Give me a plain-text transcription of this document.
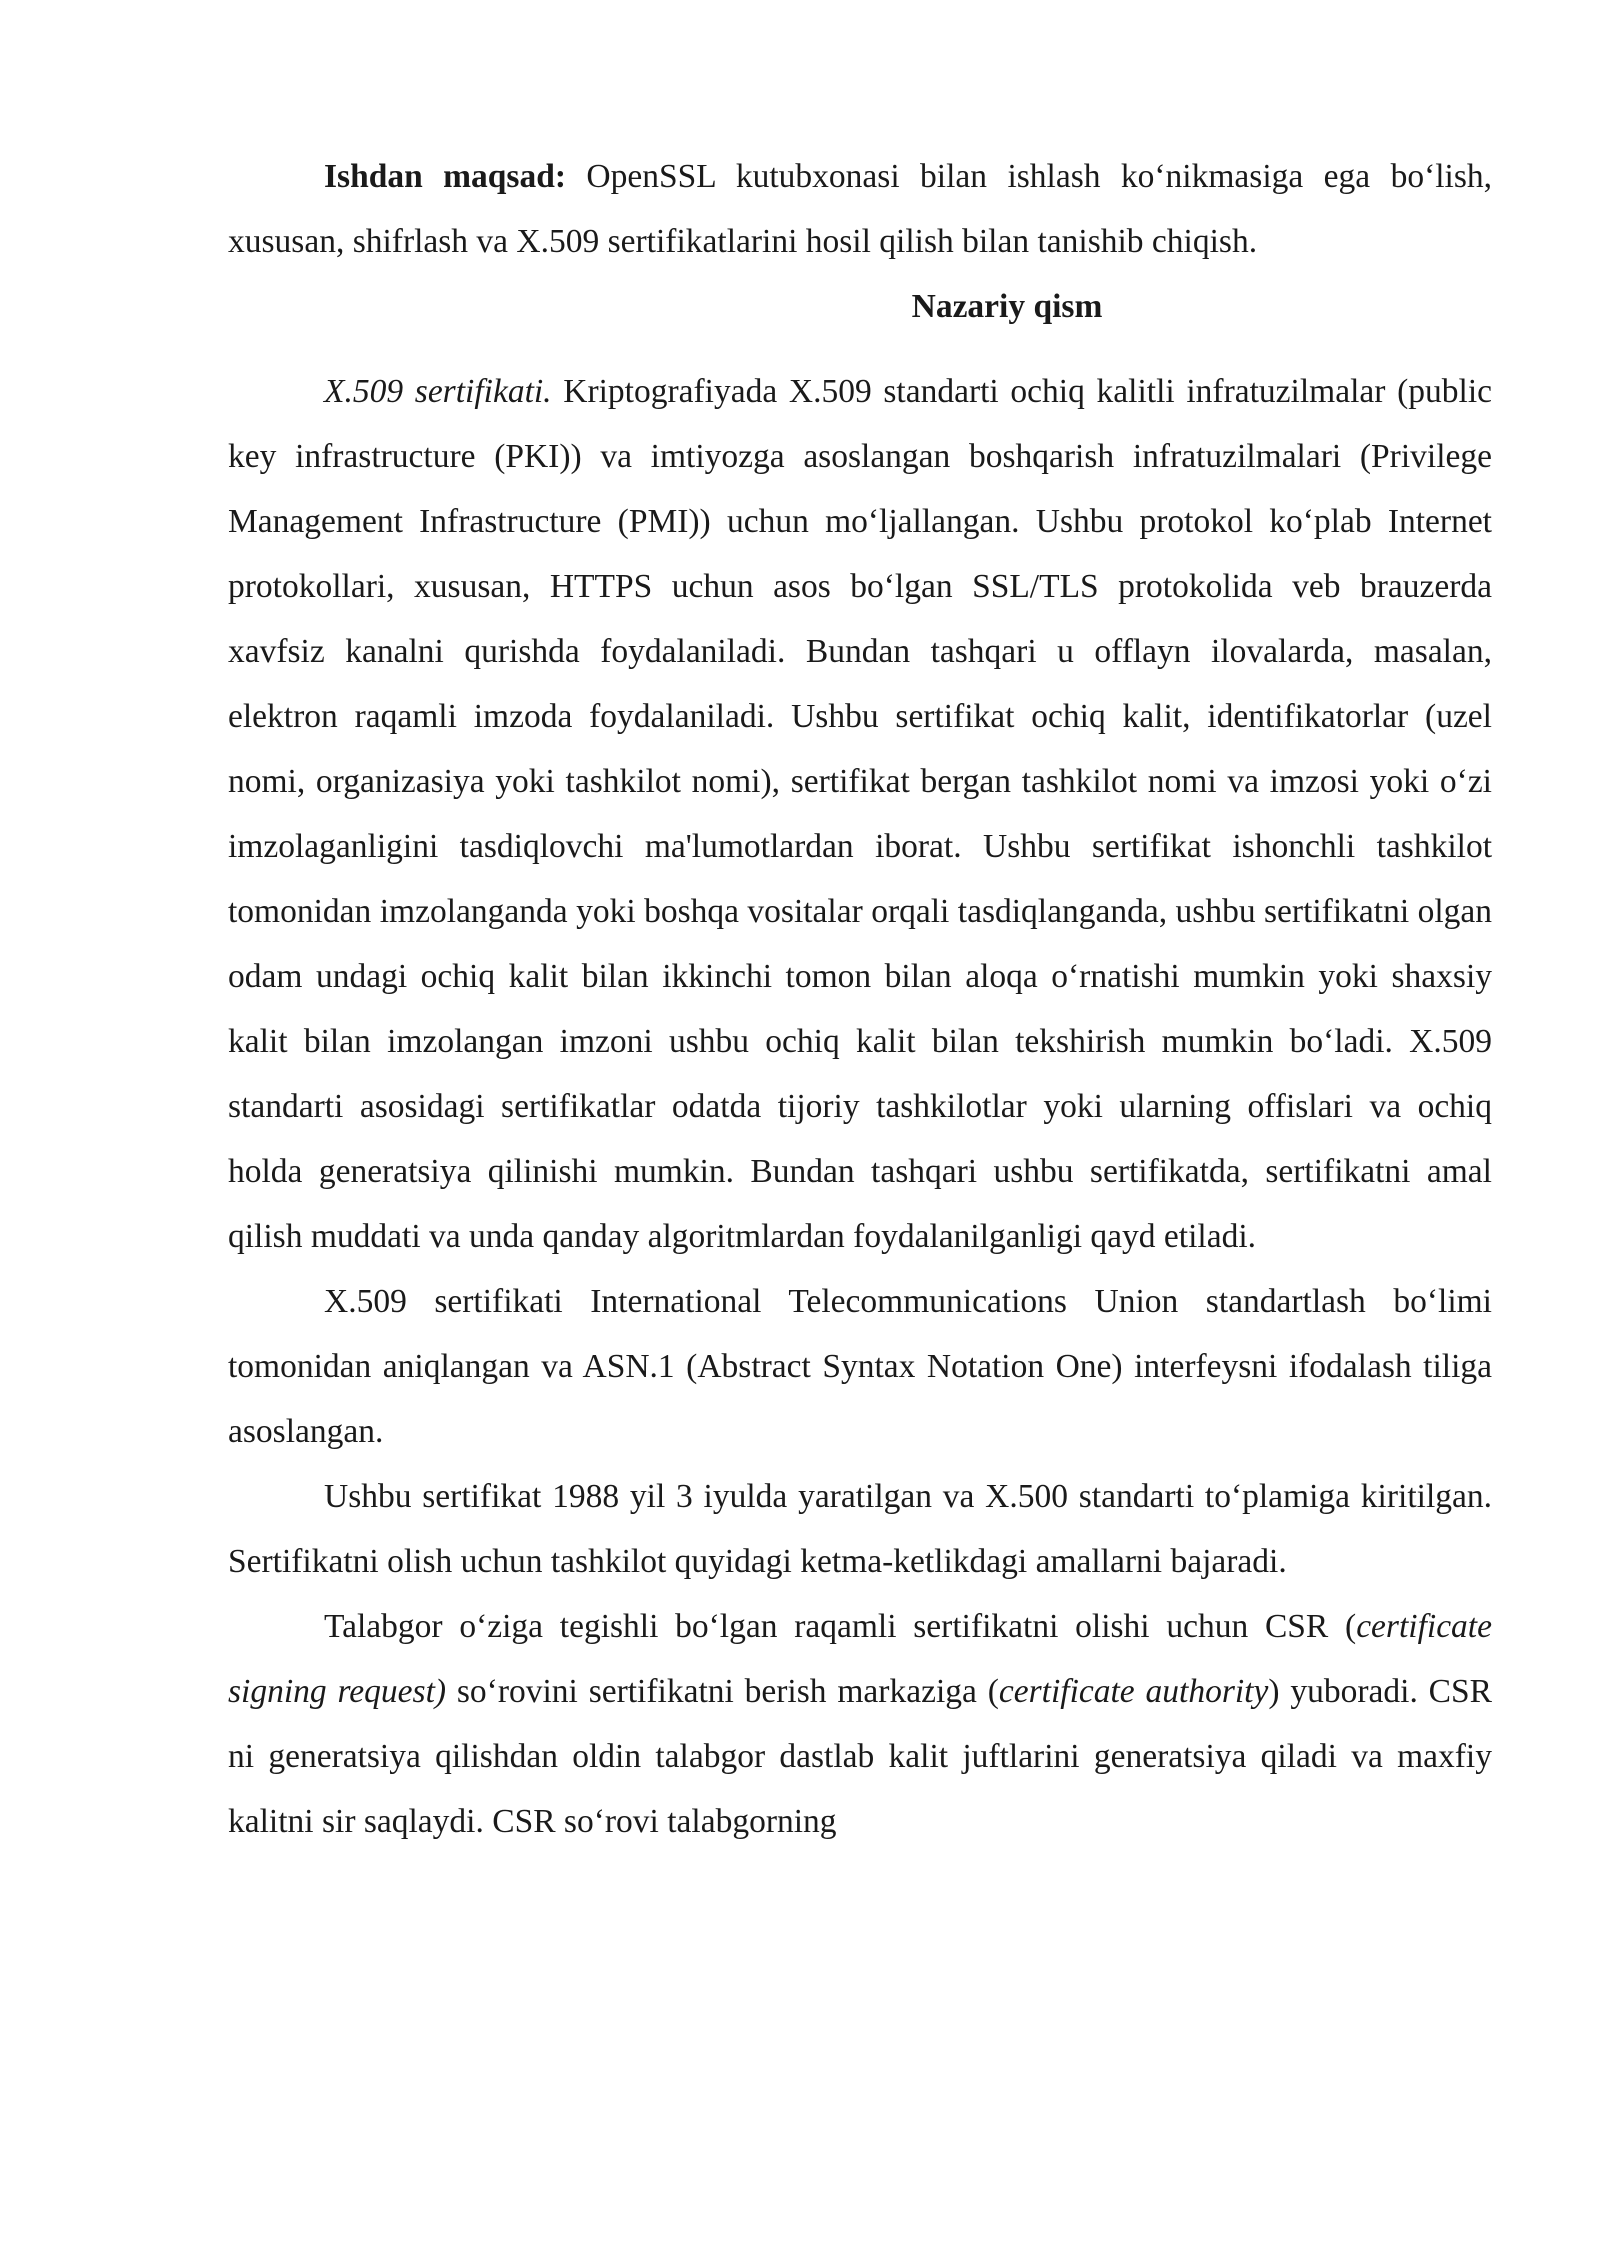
Ishdan maqsad: OpenSSL kutubxonasi bilan ishlash ko‘nikmasiga ega bo‘lish, xususan, shifrlash va X.509 sertifikatlarini hosil qilish bilan tanishib chiqish.

Nazariy qism

X.509 sertifikati. Kriptografiyada X.509 standarti ochiq kalitli infratuzilmalar (public key infrastructure (PKI)) va imtiyozga asoslangan boshqarish infratuzilmalari (Privilege Management Infrastructure (PMI)) uchun mo‘ljallangan. Ushbu protokol ko‘plab Internet protokollari, xususan, HTTPS uchun asos bo‘lgan SSL/TLS protokolida veb brauzerda xavfsiz kanalni qurishda foydalaniladi. Bundan tashqari u offlayn ilovalarda, masalan, elektron raqamli imzoda foydalaniladi. Ushbu sertifikat ochiq kalit, identifikatorlar (uzel nomi, organizasiya yoki tashkilot nomi), sertifikat bergan tashkilot nomi va imzosi yoki o‘zi imzolaganligini tasdiqlovchi ma'lumotlardan iborat. Ushbu sertifikat ishonchli tashkilot tomonidan imzolanganda yoki boshqa vositalar orqali tasdiqlanganda, ushbu sertifikatni olgan odam undagi ochiq kalit bilan ikkinchi tomon bilan aloqa o‘rnatishi mumkin yoki shaxsiy kalit bilan imzolangan imzoni ushbu ochiq kalit bilan tekshirish mumkin bo‘ladi. X.509 standarti asosidagi sertifikatlar odatda tijoriy tashkilotlar yoki ularning offislari va ochiq holda generatsiya qilinishi mumkin. Bundan tashqari ushbu sertifikatda, sertifikatni amal qilish muddati va unda qanday algoritmlardan foydalanilganligi qayd etiladi.

X.509 sertifikati International Telecommunications Union standartlash bo‘limi tomonidan aniqlangan va ASN.1 (Abstract Syntax Notation One) interfeysni ifodalash tiliga asoslangan.

Ushbu sertifikat 1988 yil 3 iyulda yaratilgan va X.500 standarti to‘plamiga kiritilgan. Sertifikatni olish uchun tashkilot quyidagi ketma-ketlikdagi amallarni bajaradi.

Talabgor o‘ziga tegishli bo‘lgan raqamli sertifikatni olishi uchun CSR (certificate signing request) so‘rovini sertifikatni berish markaziga (certificate authority) yuboradi. CSR ni generatsiya qilishdan oldin talabgor dastlab kalit juftlarini generatsiya qiladi va maxfiy kalitni sir saqlaydi. CSR so‘rovi talabgorning
